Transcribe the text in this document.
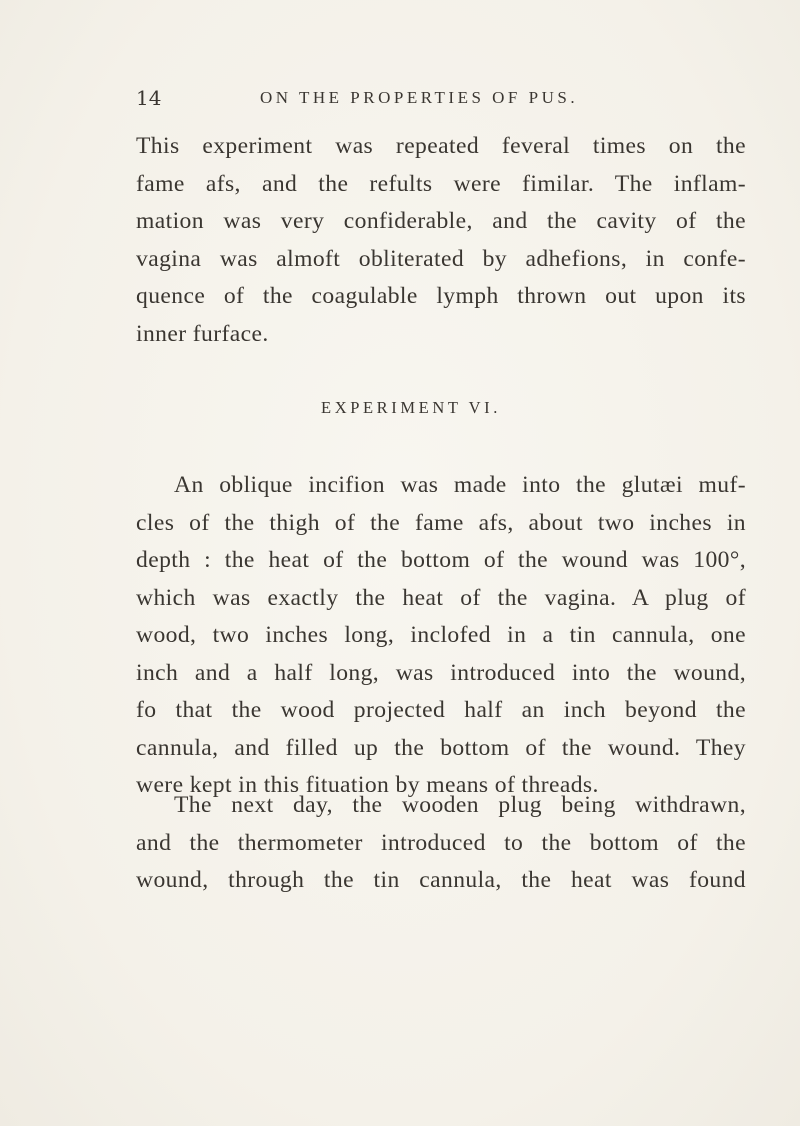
14	ON THE PROPERTIES OF PUS.
This experiment was repeated feveral times on the
fame afs, and the refults were fimilar. The inflam-
mation was very confiderable, and the cavity of the
vagina was almoft obliterated by adhefions, in confe-
quence of the coagulable lymph thrown out upon its
inner furface.
EXPERIMENT VI.
An oblique incifion was made into the glutæi muf-
cles of the thigh of the fame afs, about two inches in
depth : the heat of the bottom of the wound was 100°,
which was exactly the heat of the vagina. A plug of
wood, two inches long, inclofed in a tin cannula, one
inch and a half long, was introduced into the wound,
fo that the wood projected half an inch beyond the
cannula, and filled up the bottom of the wound. They
were kept in this fituation by means of threads.
The next day, the wooden plug being withdrawn,
and the thermometer introduced to the bottom of the
wound, through the tin cannula, the heat was found
